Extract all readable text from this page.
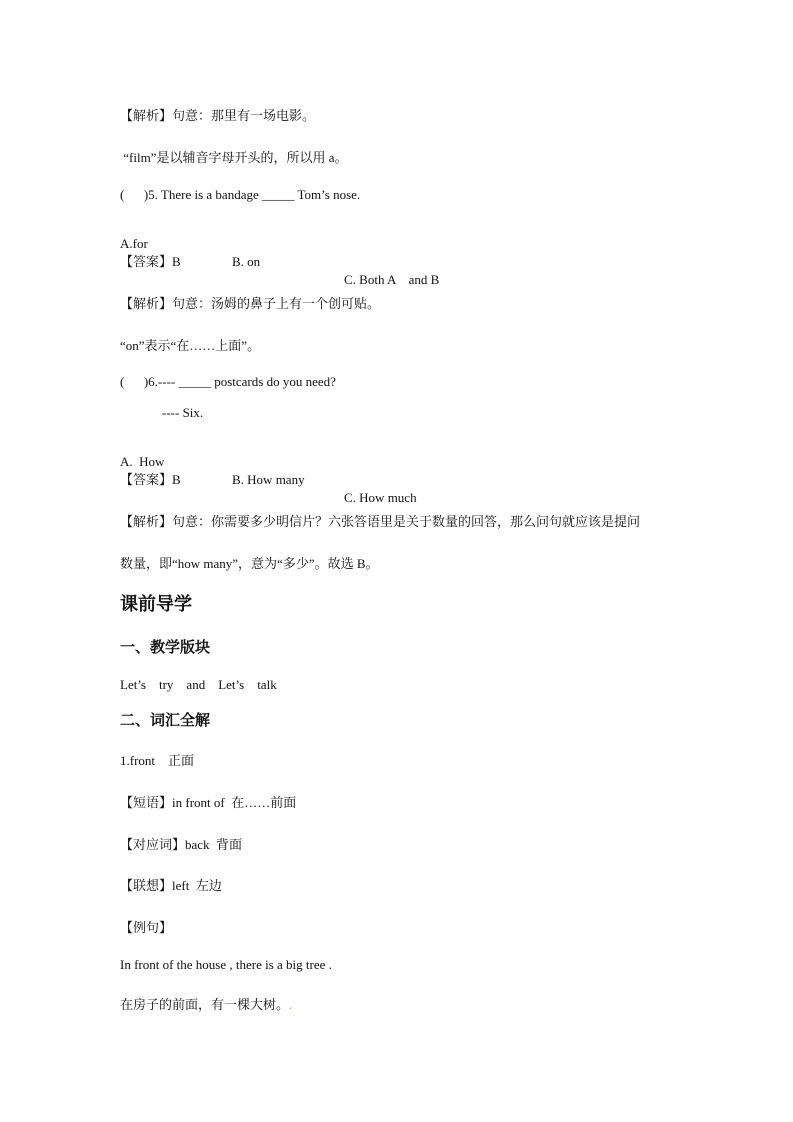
【解析】句意：那里有一场电影。
“film”是以辅音字母开头的，所以用 a。
(      )5. There is a bandage _____ Tom’s nose.

A.for

B. on

C. Both A    and B

【答案】B
【解析】句意：汤姆的鼻子上有一个创可贴。
“on”表示“在……上面”。
(      )6.---- _____ postcards do you need?
---- Six.

A.  How

B. How many

C. How much

【答案】B
【解析】句意：你需要多少明信片？六张答语里是关于数量的回答，那么问句就应该是提问
数量，即“how many”，意为“多少”。故选 B。
课前导学
一、教学版块
Let’s    try    and    Let’s    talk
二、词汇全解
1.front    正面
【短语】in front of  在……前面
【对应词】back  背面
【联想】left  左边
【例句】
In front of the house , there is a big tree .
在房子的前面，有一棵大树。.
